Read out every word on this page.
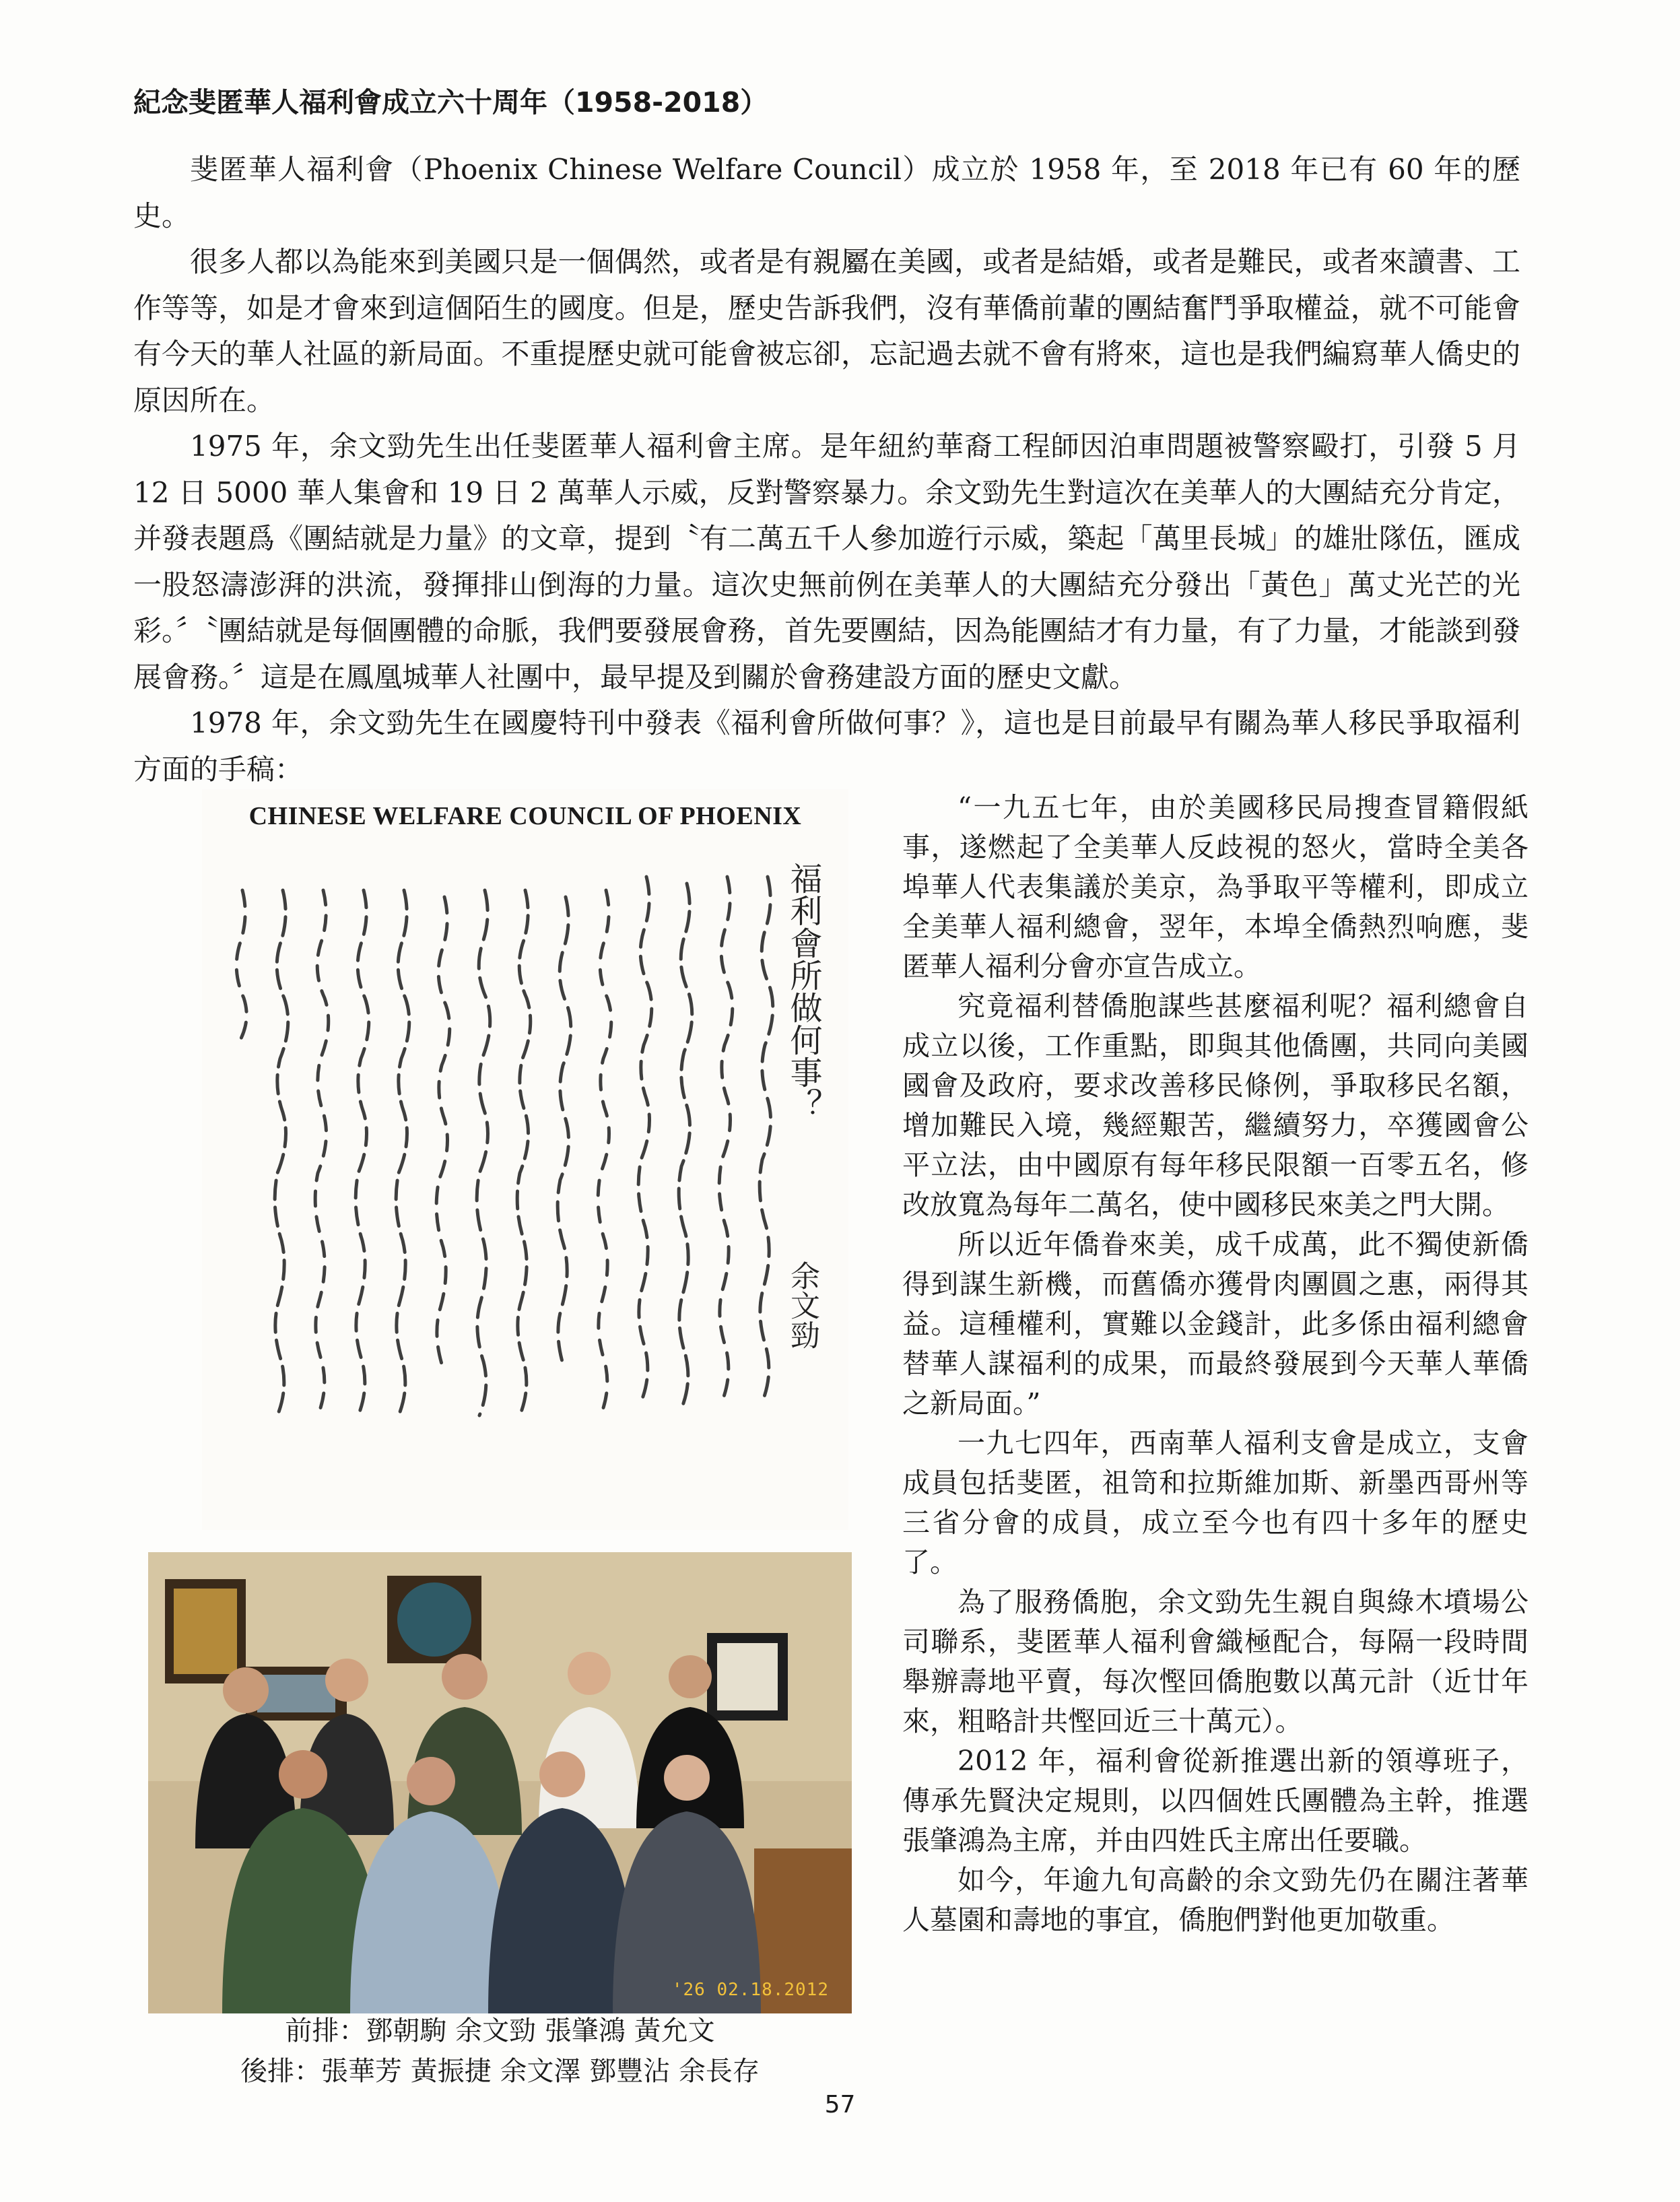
紀念斐匿華人福利會成立六十周年（1958-2018）

斐匿華人福利會（Phoenix Chinese Welfare Council）成立於 1958 年，至 2018 年已有 60 年的歷史。

很多人都以為能來到美國只是一個偶然，或者是有親屬在美國，或者是結婚，或者是難民，或者來讀書、工作等等，如是才會來到這個陌生的國度。但是，歷史告訴我們，沒有華僑前輩的團結奮鬥爭取權益，就不可能會有今天的華人社區的新局面。不重提歷史就可能會被忘卻，忘記過去就不會有將來，這也是我們編寫華人僑史的原因所在。

1975 年，余文勁先生出任斐匿華人福利會主席。是年紐約華裔工程師因泊車問題被警察毆打，引發 5 月 12 日 5000 華人集會和 19 日 2 萬華人示威，反對警察暴力。余文勁先生對這次在美華人的大團結充分肯定，并發表題爲《團結就是力量》的文章，提到〝有二萬五千人參加遊行示威，築起「萬里長城」的雄壯隊伍，匯成一股怒濤澎湃的洪流，發揮排山倒海的力量。這次史無前例在美華人的大團結充分發出「黃色」萬丈光芒的光彩。〞〝團結就是每個團體的命脈，我們要發展會務，首先要團結，因為能團結才有力量，有了力量，才能談到發展會務。〞這是在鳳凰城華人社團中，最早提及到關於會務建設方面的歷史文獻。

1978 年，余文勁先生在國慶特刊中發表《福利會所做何事？》，這也是目前最早有關為華人移民爭取福利方面的手稿：

CHINESE WELFARE COUNCIL OF PHOENIX
福利會所做何事？
余文勁
'26 02.18.2012
前排：鄧朝駒 余文勁 張肇鴻 黃允文
後排：張華芳 黃振捷 余文澤 鄧豐沾 余長存

“一九五七年，由於美國移民局搜查冒籍假紙事，遂燃起了全美華人反歧視的怒火，當時全美各埠華人代表集議於美京，為爭取平等權利，即成立全美華人福利總會，翌年，本埠全僑熱烈响應，斐匿華人福利分會亦宣告成立。

究竟福利替僑胞謀些甚麼福利呢？福利總會自成立以後，工作重點，即與其他僑團，共同向美國國會及政府，要求改善移民條例，爭取移民名額，增加難民入境，幾經艱苦，繼續努力，卒獲國會公平立法，由中國原有每年移民限額一百零五名，修改放寬為每年二萬名，使中國移民來美之門大開。

所以近年僑眷來美，成千成萬，此不獨使新僑得到謀生新機，而舊僑亦獲骨肉團圓之惠，兩得其益。這種權利，實難以金錢計，此多係由福利總會替華人謀福利的成果，而最終發展到今天華人華僑之新局面。”

一九七四年，西南華人福利支會是成立，支會成員包括斐匿，祖笥和拉斯維加斯、新墨西哥州等三省分會的成員，成立至今也有四十多年的歷史了。

為了服務僑胞，余文勁先生親自與綠木墳場公司聯系，斐匿華人福利會織極配合，每隔一段時間舉辦壽地平賣，每次慳回僑胞數以萬元計（近廿年來，粗略計共慳回近三十萬元）。

2012 年，福利會從新推選出新的領導班子，傳承先賢決定規則，以四個姓氏團體為主幹，推選張肇鴻為主席，并由四姓氏主席出任要職。

如今，年逾九旬高齡的余文勁先仍在關注著華人墓園和壽地的事宜，僑胞們對他更加敬重。

57
